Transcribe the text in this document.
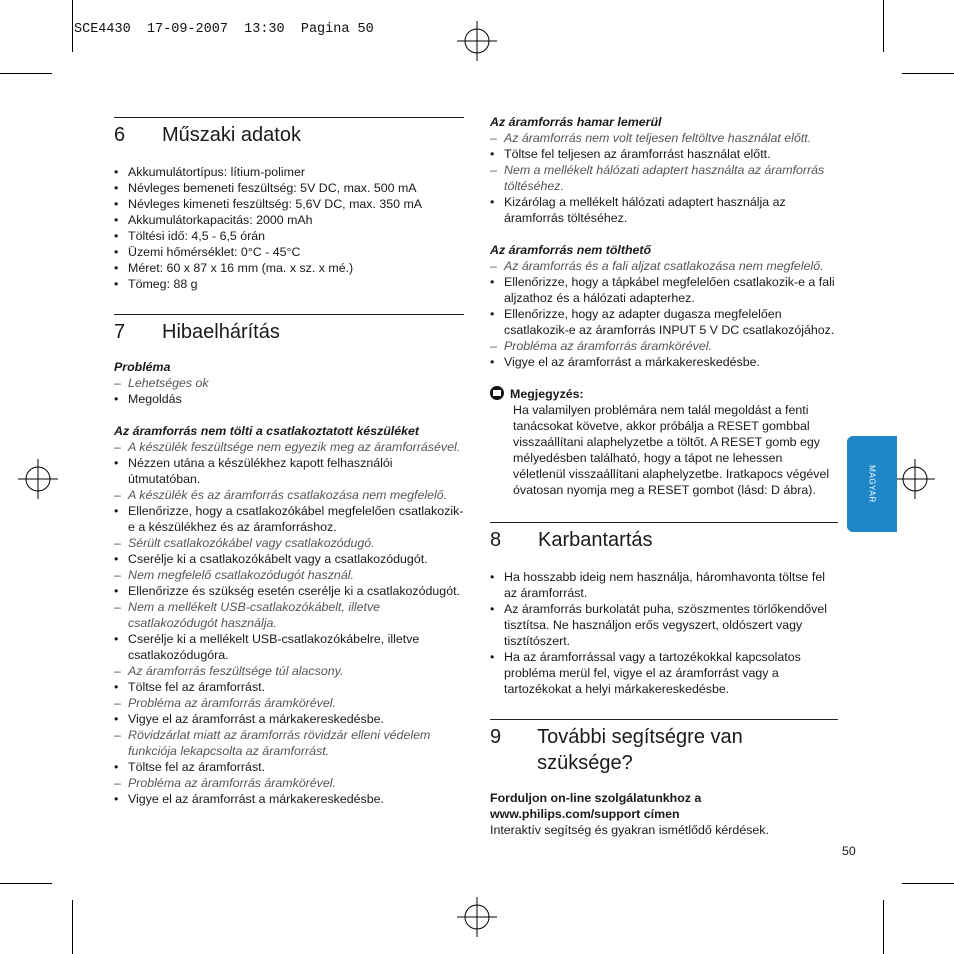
SCE4430  17-09-2007  13:30  Pagina 50
MAGYAR
6	Műszaki adatok
• Akkumulátortípus: lítium-polimer
• Névleges bemeneti feszültség: 5V DC, max. 500 mA
• Névleges kimeneti feszültség: 5,6V DC, max. 350 mA
• Akkumulátorkapacitás: 2000 mAh
• Töltési idő: 4,5 - 6,5 órán
• Üzemi hőmérséklet: 0°C - 45°C
• Méret: 60 x 87 x 16 mm (ma. x sz. x mé.)
• Tömeg: 88 g
7	Hibaelhárítás
Probléma
– Lehetséges ok
• Megoldás
Az áramforrás nem tölti a csatlakoztatott készüléket
– A készülék feszültsége nem egyezik meg az áramforrásével.
• Nézzen utána a készülékhez kapott felhasználói útmutatóban.
– A készülék és az áramforrás csatlakozása nem megfelelő.
• Ellenőrizze, hogy a csatlakozókábel megfelelően csatlakozik-e a készülékhez és az áramforráshoz.
– Sérült csatlakozókábel vagy csatlakozódugó.
• Cserélje ki a csatlakozókábelt vagy a csatlakozódugót.
– Nem megfelelő csatlakozódugót használ.
• Ellenőrizze és szükség esetén cserélje ki a csatlakozódugót.
– Nem a mellékelt USB-csatlakozókábelt, illetve csatlakozódugót használja.
• Cserélje ki a mellékelt USB-csatlakozókábelre, illetve csatlakozódugóra.
– Az áramforrás feszültsége túl alacsony.
• Töltse fel az áramforrást.
– Probléma az áramforrás áramkörével.
• Vigye el az áramforrást a márkakereskedésbe.
– Rövidzárlat miatt az áramforrás rövidzár elleni védelem funkciója lekapcsolta az áramforrást.
• Töltse fel az áramforrást.
– Probléma az áramforrás áramkörével.
• Vigye el az áramforrást a márkakereskedésbe.
Az áramforrás hamar lemerül
– Az áramforrás nem volt teljesen feltöltve használat előtt.
• Töltse fel teljesen az áramforrást használat előtt.
– Nem a mellékelt hálózati adaptert használta az áramforrás töltéséhez.
• Kizárólag a mellékelt hálózati adaptert használja az áramforrás töltéséhez.
Az áramforrás nem tölthető
– Az áramforrás és a fali aljzat csatlakozása nem megfelelő.
• Ellenőrizze, hogy a tápkábel megfelelően csatlakozik-e a fali aljzathoz és a hálózati adapterhez.
• Ellenőrizze, hogy az adapter dugasza megfelelően csatlakozik-e az áramforrás INPUT 5 V DC csatlakozójához.
– Probléma az áramforrás áramkörével.
• Vigye el az áramforrást a márkakereskedésbe.
Megjegyzés:
Ha valamilyen problémára nem talál megoldást a fenti tanácsokat követve, akkor próbálja a RESET gombbal visszaállítani alaphelyzetbe a töltőt. A RESET gomb egy mélyedésben található, hogy a tápot ne lehessen véletlenül visszaállítani alaphelyzetbe. Iratkapocs végével óvatosan nyomja meg a RESET gombot (lásd: D ábra).
8	Karbantartás
• Ha hosszabb ideig nem használja, háromhavonta töltse fel az áramforrást.
• Az áramforrás burkolatát puha, szöszmentes törlőkendővel tisztítsa. Ne használjon erős vegyszert, oldószert vagy tisztítószert.
• Ha az áramforrással vagy a tartozékokkal kapcsolatos probléma merül fel, vigye el az áramforrást vagy a tartozékokat a helyi márkakereskedésbe.
9	További segítségre van szüksége?
Forduljon on-line szolgálatunkhoz a
www.philips.com/support címen
Interaktív segítség és gyakran ismétlődő kérdések.
50
